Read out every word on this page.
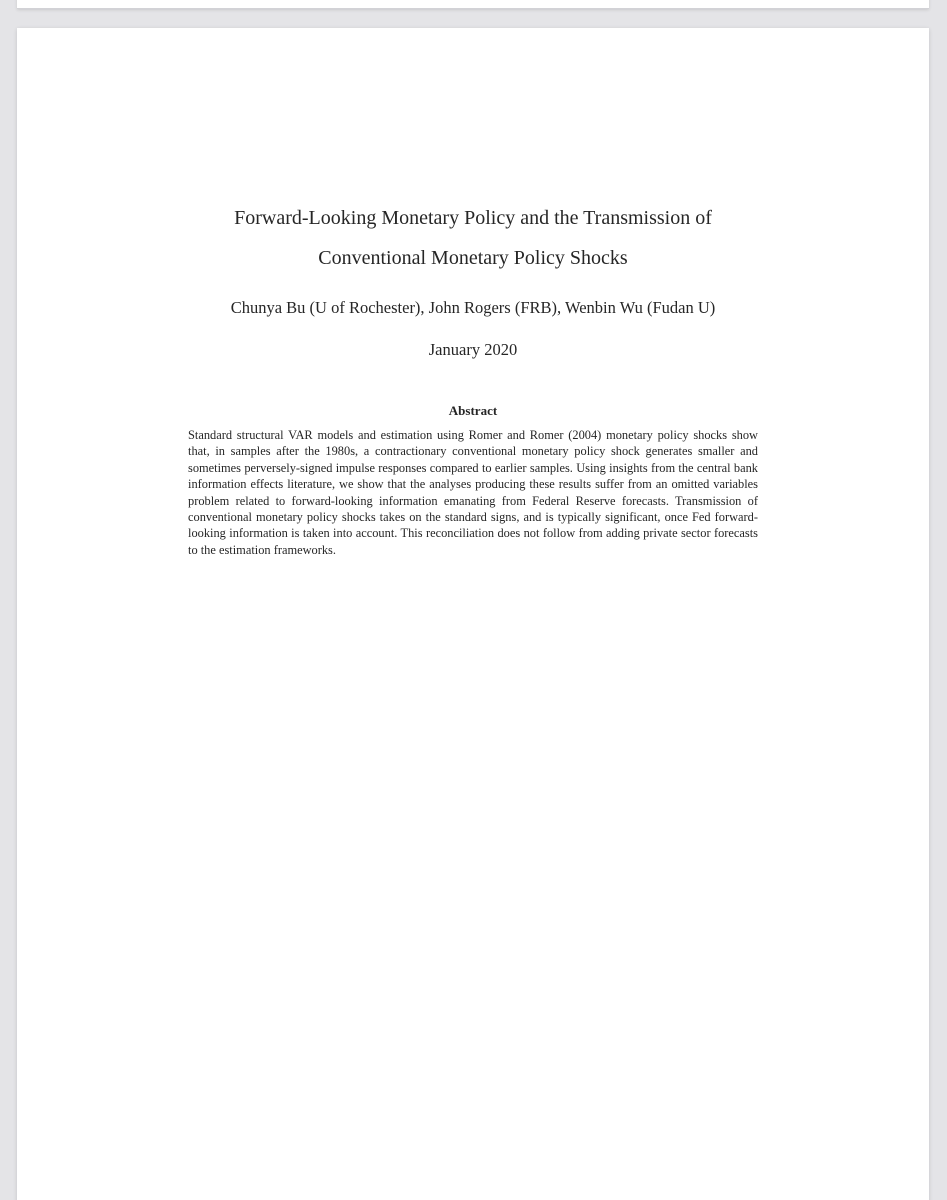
Forward-Looking Monetary Policy and the Transmission of
Conventional Monetary Policy Shocks
Chunya Bu (U of Rochester), John Rogers (FRB), Wenbin Wu (Fudan U)
January 2020
Abstract

Standard structural VAR models and estimation using Romer and Romer (2004) monetary policy shocks show that, in samples after the 1980s, a contractionary conventional monetary policy shock generates smaller and sometimes perversely-signed impulse responses compared to earlier samples. Using insights from the central bank information effects literature, we show that the analyses producing these results suffer from an omitted variables problem related to forward-looking information emanating from Federal Reserve forecasts. Transmission of conventional monetary policy shocks takes on the standard signs, and is typically significant, once Fed forward-looking information is taken into account. This reconciliation does not follow from adding private sector forecasts to the estimation frameworks.
